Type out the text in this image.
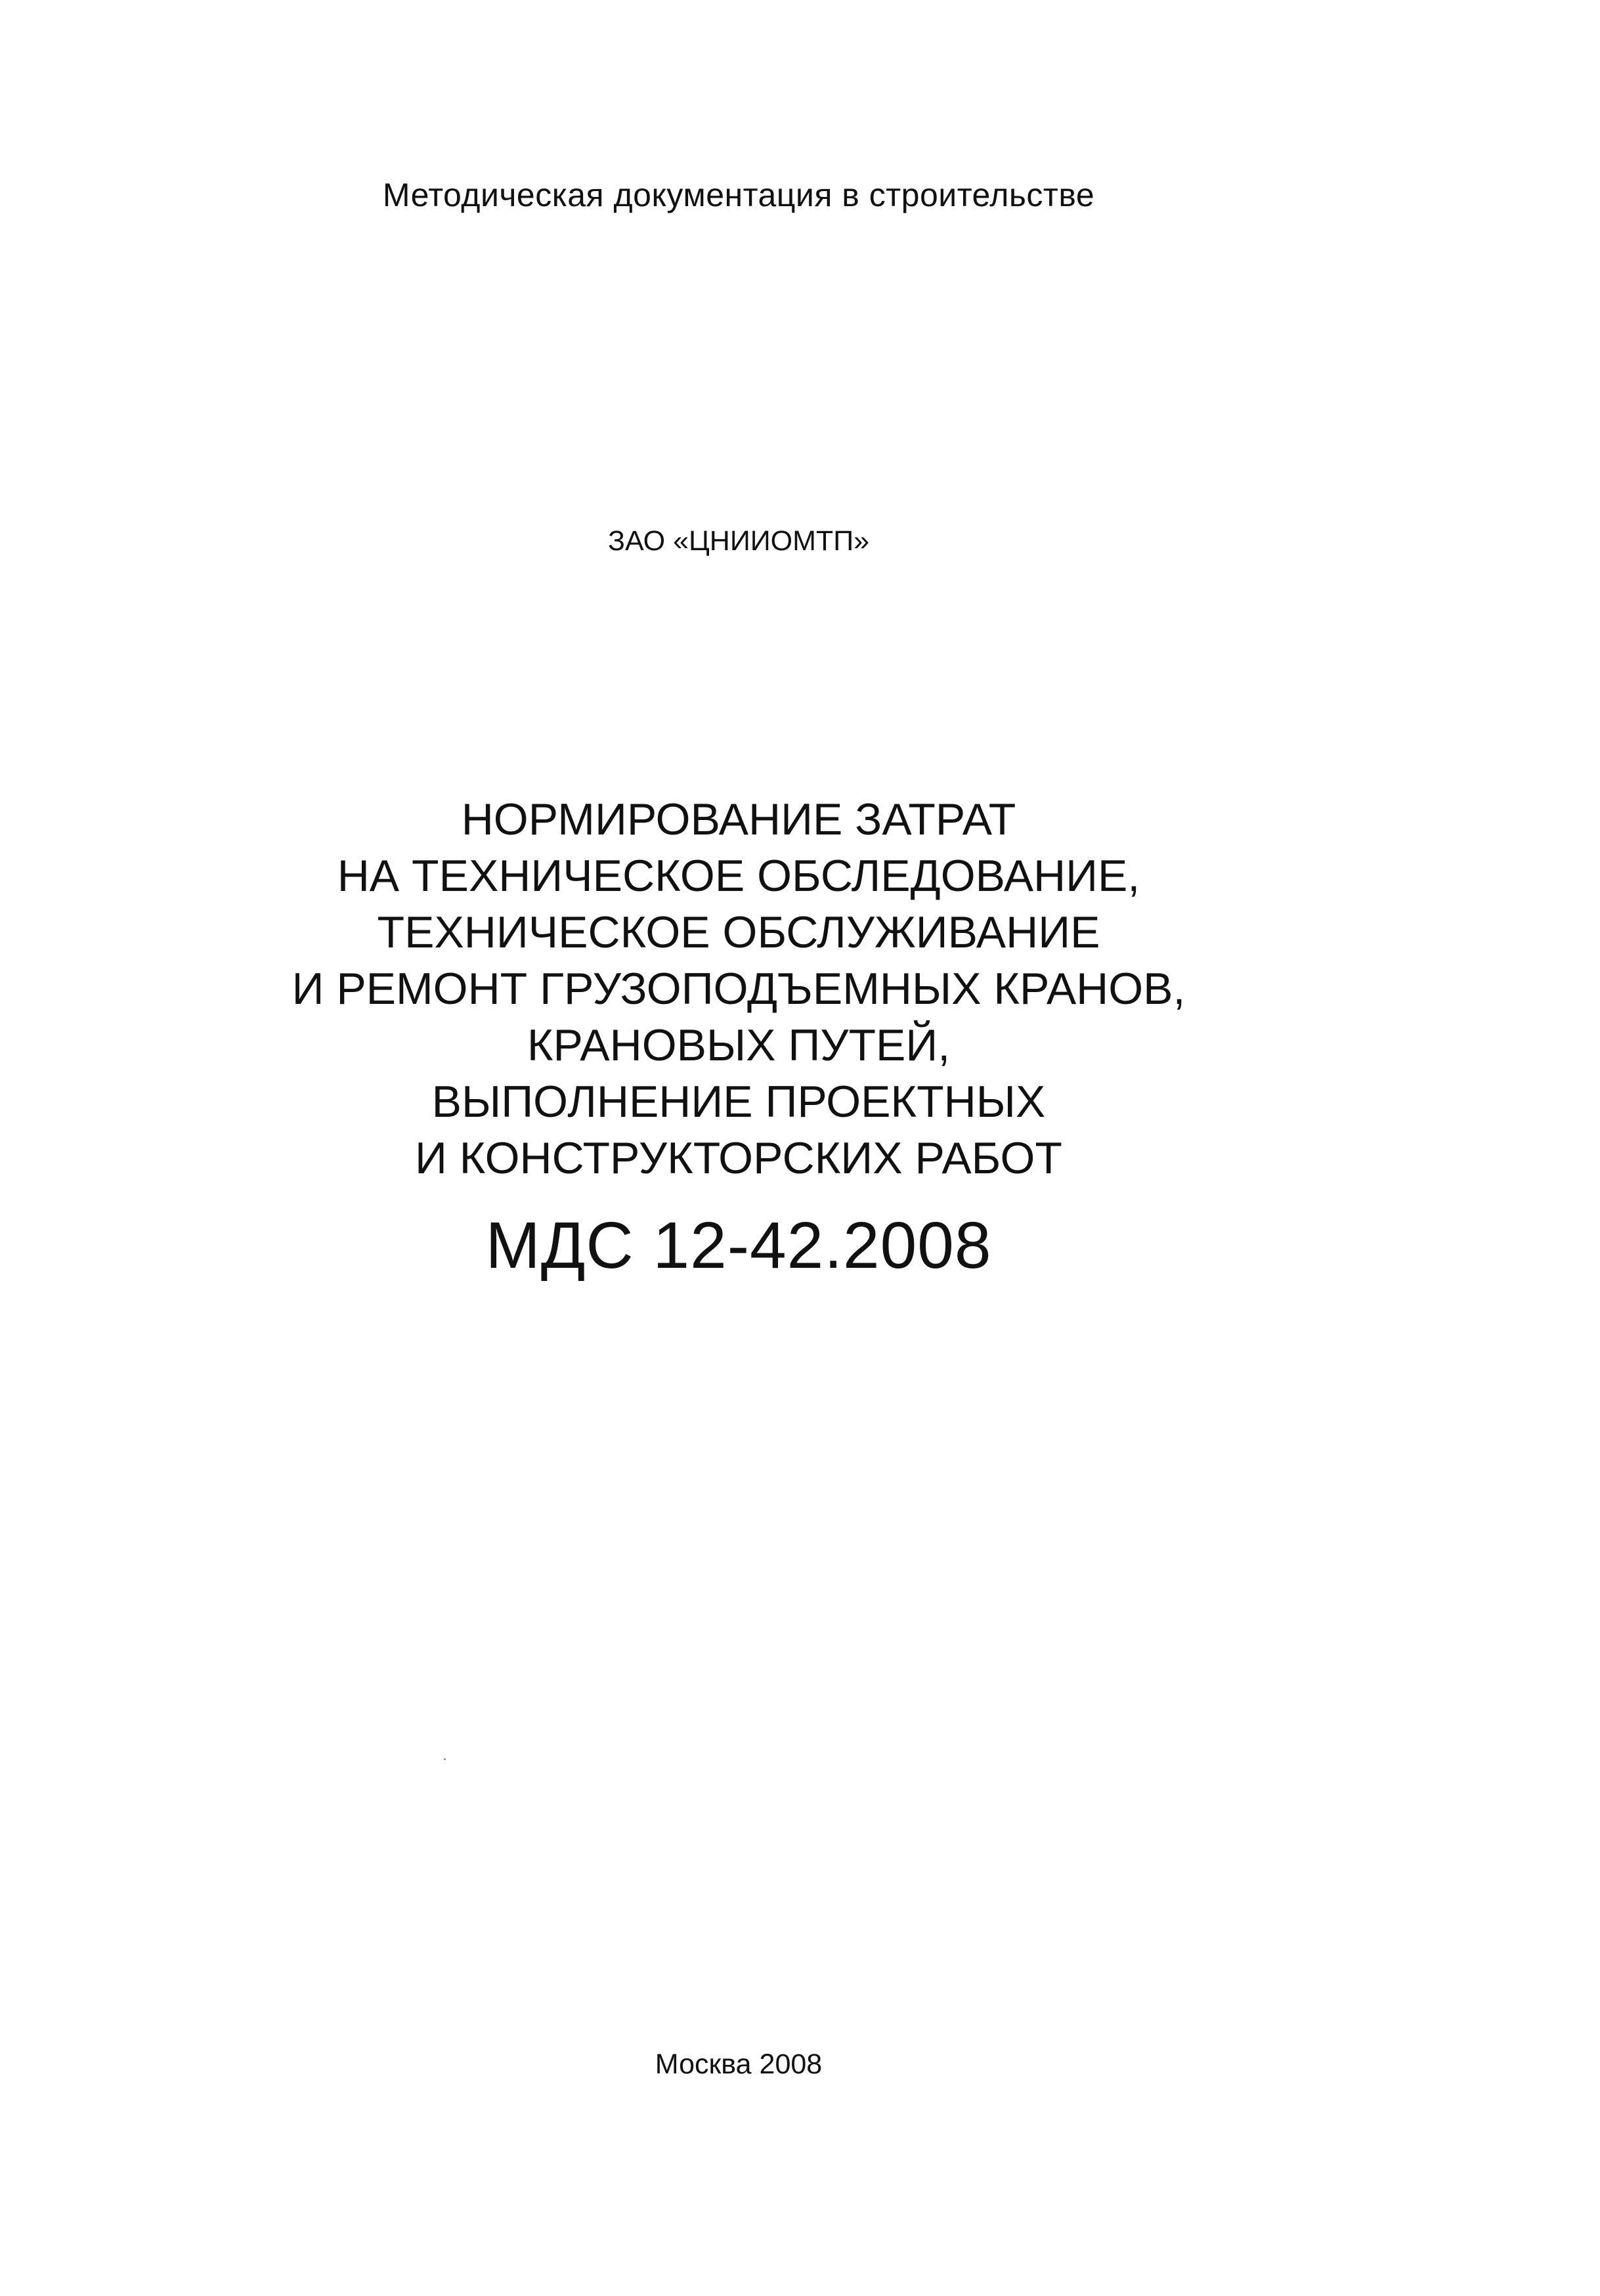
Методическая документация в строительстве
ЗАО «ЦНИИОМТП»
НОРМИРОВАНИЕ ЗАТРАТ
НА ТЕХНИЧЕСКОЕ ОБСЛЕДОВАНИЕ,
ТЕХНИЧЕСКОЕ ОБСЛУЖИВАНИЕ
И РЕМОНТ ГРУЗОПОДЪЕМНЫХ КРАНОВ,
КРАНОВЫХ ПУТЕЙ,
ВЫПОЛНЕНИЕ ПРОЕКТНЫХ
И КОНСТРУКТОРСКИХ РАБОТ
МДС 12-42.2008
Москва 2008
